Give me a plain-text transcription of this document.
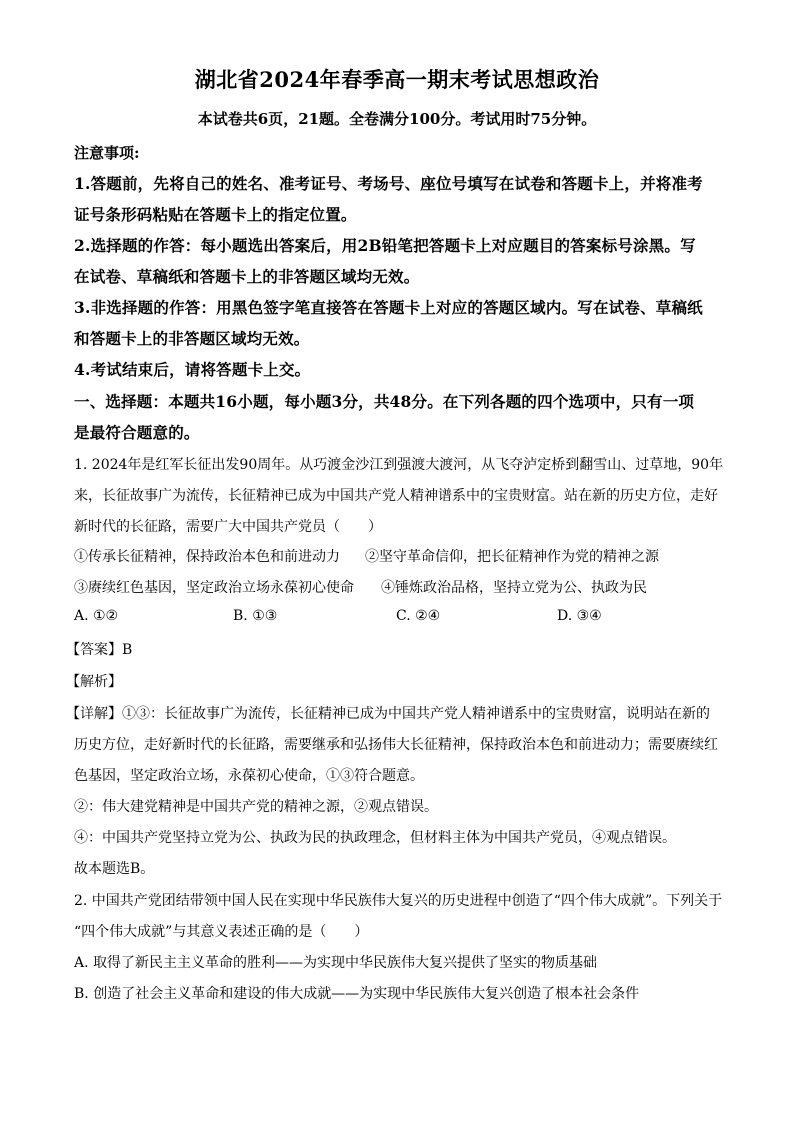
湖北省2024年春季高一期末考试思想政治
本试卷共6页，21题。全卷满分100分。考试用时75分钟。
注意事项:
1.答题前，先将自己的姓名、准考证号、考场号、座位号填写在试卷和答题卡上，并将准考
证号条形码粘贴在答题卡上的指定位置。
2.选择题的作答：每小题选出答案后，用2B铅笔把答题卡上对应题目的答案标号涂黑。写
在试卷、草稿纸和答题卡上的非答题区域均无效。
3.非选择题的作答：用黑色签字笔直接答在答题卡上对应的答题区域内。写在试卷、草稿纸
和答题卡上的非答题区域均无效。
4.考试结束后，请将答题卡上交。
一、选择题：本题共16小题，每小题3分，共48分。在下列各题的四个选项中，只有一项
是最符合题意的。
1. 2024年是红军长征出发90周年。从巧渡金沙江到强渡大渡河，从飞夺泸定桥到翻雪山、过草地，90年
来，长征故事广为流传，长征精神已成为中国共产党人精神谱系中的宝贵财富。站在新的历史方位，走好
新时代的长征路，需要广大中国共产党员（　　）
①传承长征精神，保持政治本色和前进动力 ②坚守革命信仰，把长征精神作为党的精神之源
③赓续红色基因，坚定政治立场永葆初心使命 ④锤炼政治品格，坚持立党为公、执政为民
A. ①②	B. ①③	C. ②④	D. ③④
【答案】B
【解析】
【详解】①③：长征故事广为流传，长征精神已成为中国共产党人精神谱系中的宝贵财富，说明站在新的
历史方位，走好新时代的长征路，需要继承和弘扬伟大长征精神，保持政治本色和前进动力；需要赓续红
色基因，坚定政治立场，永葆初心使命，①③符合题意。
②：伟大建党精神是中国共产党的精神之源，②观点错误。
④：中国共产党坚持立党为公、执政为民的执政理念，但材料主体为中国共产党员，④观点错误。
故本题选B。
2. 中国共产党团结带领中国人民在实现中华民族伟大复兴的历史进程中创造了“四个伟大成就”。下列关于
“四个伟大成就”与其意义表述正确的是（　　）
A. 取得了新民主主义革命的胜利——为实现中华民族伟大复兴提供了坚实的物质基础
B. 创造了社会主义革命和建设的伟大成就——为实现中华民族伟大复兴创造了根本社会条件
